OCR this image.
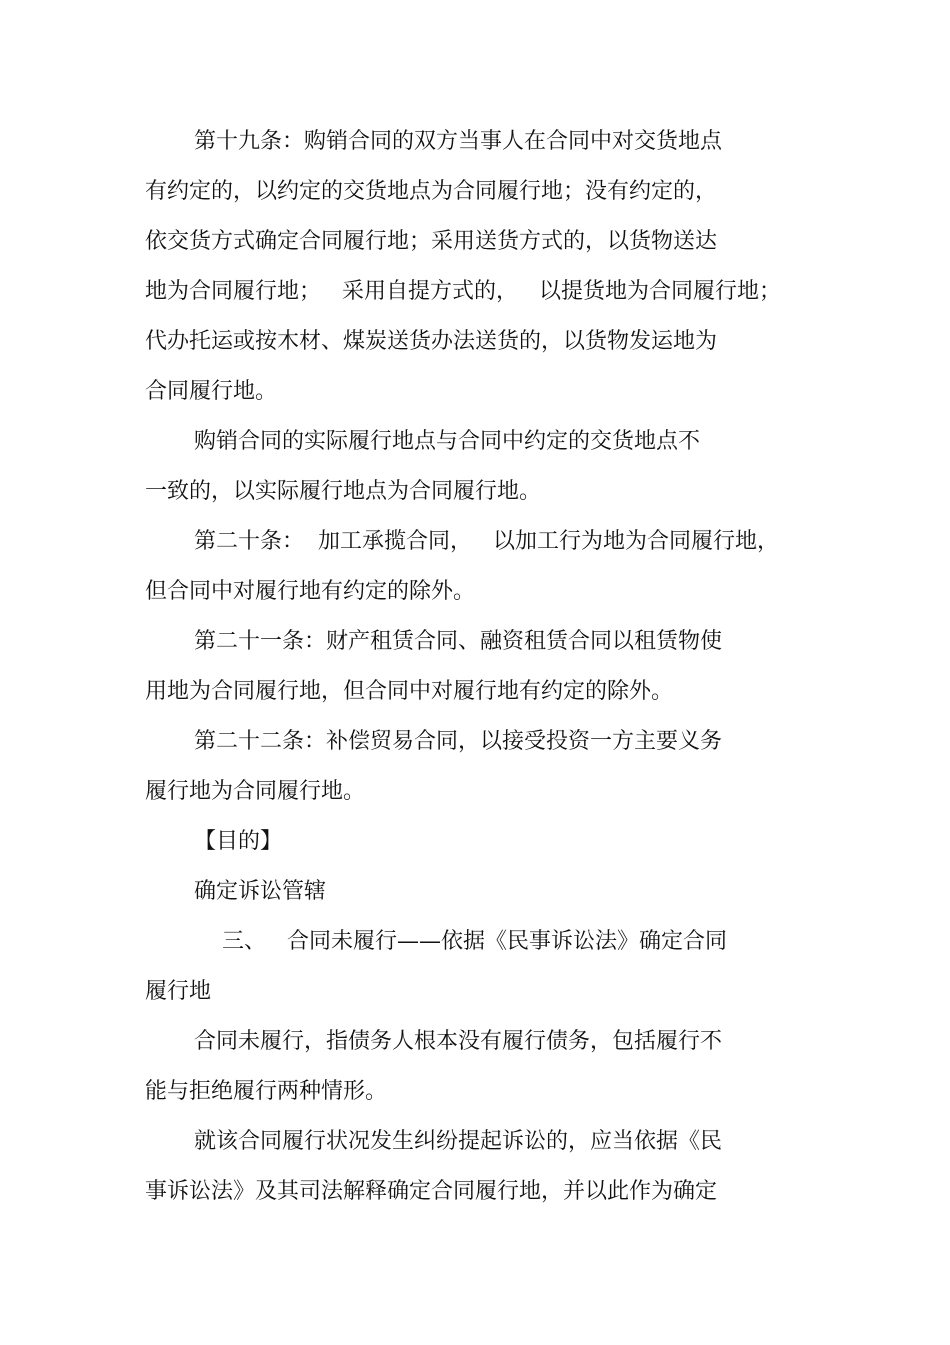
第十九条：购销合同的双方当事人在合同中对交货地点
有约定的，以约定的交货地点为合同履行地；没有约定的，
依交货方式确定合同履行地；采用送货方式的，以货物送达
地为合同履行地；   采用自提方式的，   以提货地为合同履行地；
代办托运或按木材、煤炭送货办法送货的，以货物发运地为
合同履行地。
购销合同的实际履行地点与合同中约定的交货地点不
一致的，以实际履行地点为合同履行地。
第二十条：  加工承揽合同，   以加工行为地为合同履行地，
但合同中对履行地有约定的除外。
第二十一条：财产租赁合同、融资租赁合同以租赁物使
用地为合同履行地，但合同中对履行地有约定的除外。
第二十二条：补偿贸易合同，以接受投资一方主要义务
履行地为合同履行地。
【目的】
确定诉讼管辖
三、   合同未履行——依据《民事诉讼法》确定合同
履行地
合同未履行，指债务人根本没有履行债务，包括履行不
能与拒绝履行两种情形。
就该合同履行状况发生纠纷提起诉讼的，应当依据《民
事诉讼法》及其司法解释确定合同履行地，并以此作为确定
